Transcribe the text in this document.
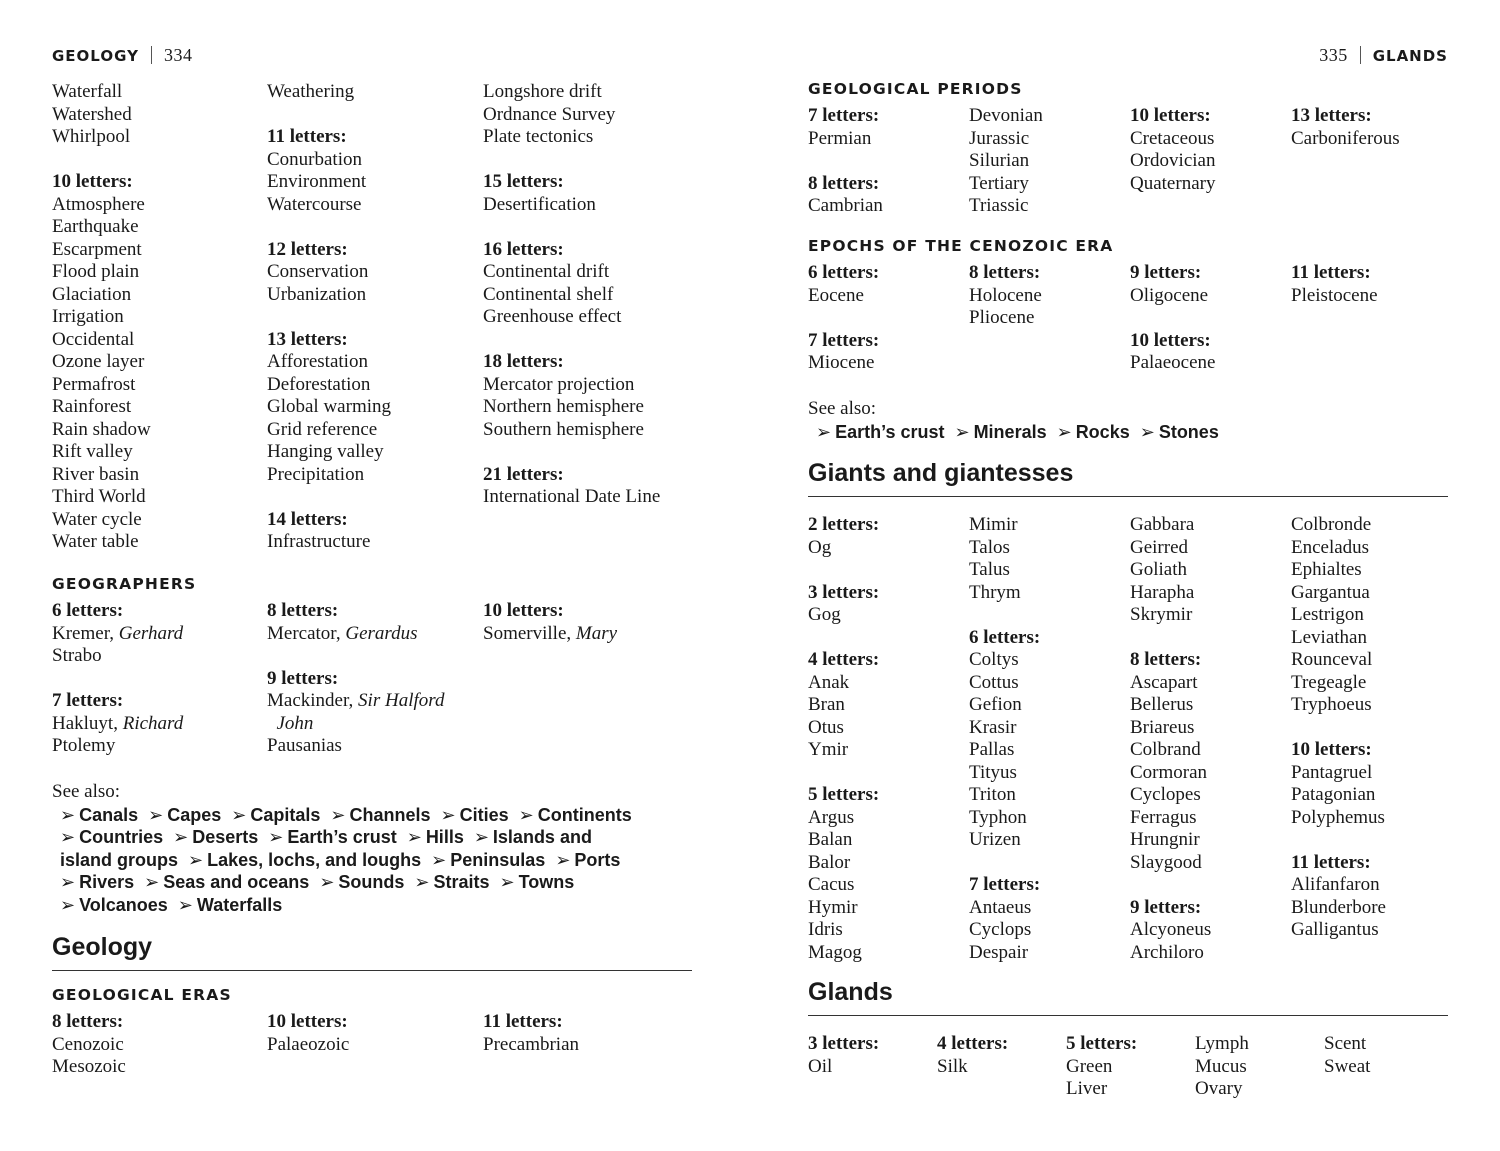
GEOLOGY 334
Waterfall
Watershed
Whirlpool
10 letters:
Atmosphere
Earthquake
Escarpment
Flood plain
Glaciation
Irrigation
Occidental
Ozone layer
Permafrost
Rainforest
Rain shadow
Rift valley
River basin
Third World
Water cycle
Water table
Weathering
11 letters:
Conurbation
Environment
Watercourse
12 letters:
Conservation
Urbanization
13 letters:
Afforestation
Deforestation
Global warming
Grid reference
Hanging valley
Precipitation
14 letters:
Infrastructure
Longshore drift
Ordnance Survey
Plate tectonics
15 letters:
Desertification
16 letters:
Continental drift
Continental shelf
Greenhouse effect
18 letters:
Mercator projection
Northern hemisphere
Southern hemisphere
21 letters:
International Date Line
GEOGRAPHERS
6 letters:
Kremer, Gerhard
Strabo
7 letters:
Hakluyt, Richard
Ptolemy
8 letters:
Mercator, Gerardus
9 letters:
Mackinder, Sir Halford
John
Pausanias
10 letters:
Somerville, Mary
See also:
➢ Canals ➢ Capes ➢ Capitals ➢ Channels ➢ Cities ➢ Continents
➢ Countries ➢ Deserts ➢ Earth’s crust ➢ Hills ➢ Islands and
island groups ➢ Lakes, lochs, and loughs ➢ Peninsulas ➢ Ports
➢ Rivers ➢ Seas and oceans ➢ Sounds ➢ Straits ➢ Towns
➢ Volcanoes ➢ Waterfalls
Geology
GEOLOGICAL ERAS
8 letters:
Cenozoic
Mesozoic
10 letters:
Palaeozoic
11 letters:
Precambrian
335 GLANDS
GEOLOGICAL PERIODS
7 letters:
Permian
8 letters:
Cambrian
Devonian
Jurassic
Silurian
Tertiary
Triassic
10 letters:
Cretaceous
Ordovician
Quaternary
13 letters:
Carboniferous
EPOCHS OF THE CENOZOIC ERA
6 letters:
Eocene
7 letters:
Miocene
8 letters:
Holocene
Pliocene
9 letters:
Oligocene
10 letters:
Palaeocene
11 letters:
Pleistocene
See also:
➢ Earth’s crust ➢ Minerals ➢ Rocks ➢ Stones
Giants and giantesses
2 letters:
Og
3 letters:
Gog
4 letters:
Anak
Bran
Otus
Ymir
5 letters:
Argus
Balan
Balor
Cacus
Hymir
Idris
Magog
Mimir
Talos
Talus
Thrym
6 letters:
Coltys
Cottus
Gefion
Krasir
Pallas
Tityus
Triton
Typhon
Urizen
7 letters:
Antaeus
Cyclops
Despair
Gabbara
Geirred
Goliath
Harapha
Skrymir
8 letters:
Ascapart
Bellerus
Briareus
Colbrand
Cormoran
Cyclopes
Ferragus
Hrungnir
Slaygood
9 letters:
Alcyoneus
Archiloro
Colbronde
Enceladus
Ephialtes
Gargantua
Lestrigon
Leviathan
Rounceval
Tregeagle
Tryphoeus
10 letters:
Pantagruel
Patagonian
Polyphemus
11 letters:
Alifanfaron
Blunderbore
Galligantus
Glands
3 letters:
Oil
4 letters:
Silk
5 letters:
Green
Liver
Lymph
Mucus
Ovary
Scent
Sweat
